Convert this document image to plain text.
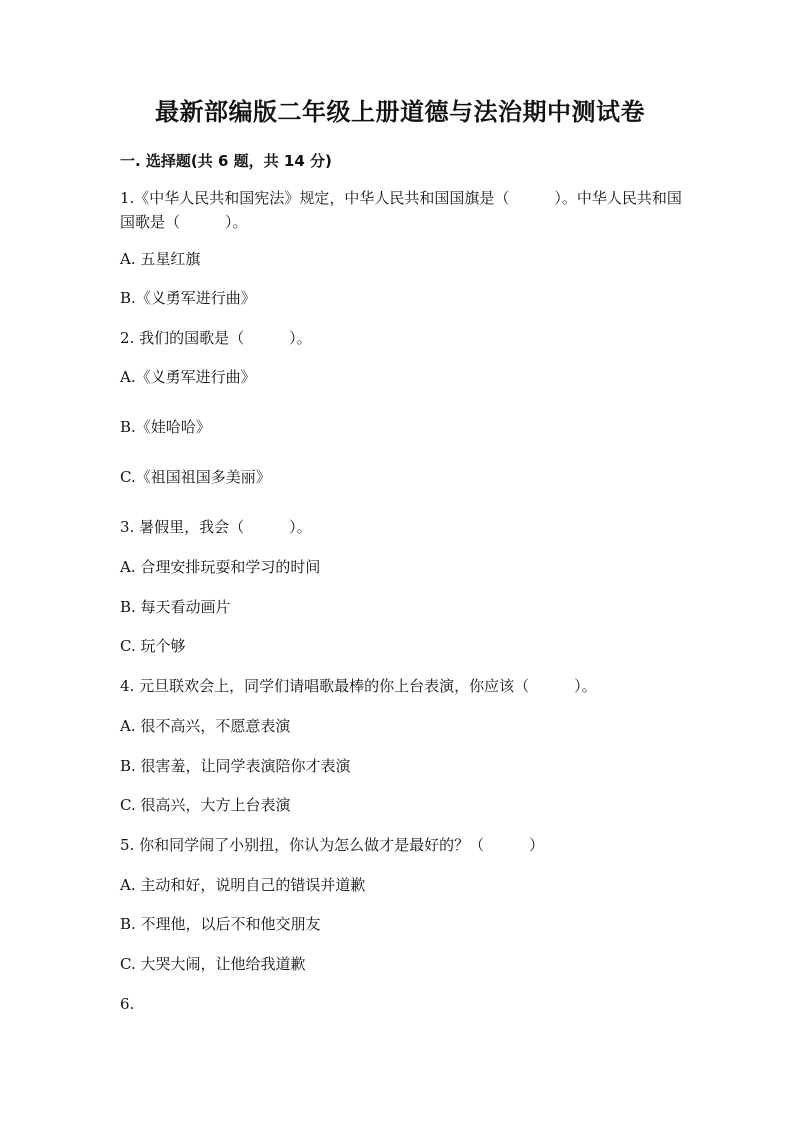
最新部编版二年级上册道德与法治期中测试卷
一. 选择题(共 6 题，共 14 分)
1.《中华人民共和国宪法》规定，中华人民共和国国旗是（　　　）。中华人民共和国国歌是（　　　）。
A. 五星红旗
B.《义勇军进行曲》
2. 我们的国歌是（　　　）。
A.《义勇军进行曲》
B.《娃哈哈》
C.《祖国祖国多美丽》
3. 暑假里，我会（　　　）。
A. 合理安排玩耍和学习的时间
B. 每天看动画片
C. 玩个够
4. 元旦联欢会上，同学们请唱歌最棒的你上台表演，你应该（　　　）。
A. 很不高兴，不愿意表演
B. 很害羞，让同学表演陪你才表演
C. 很高兴，大方上台表演
5. 你和同学闹了小别扭，你认为怎么做才是最好的？（　　　）
A. 主动和好，说明自己的错误并道歉
B. 不理他，以后不和他交朋友
C. 大哭大闹，让他给我道歉
6.
